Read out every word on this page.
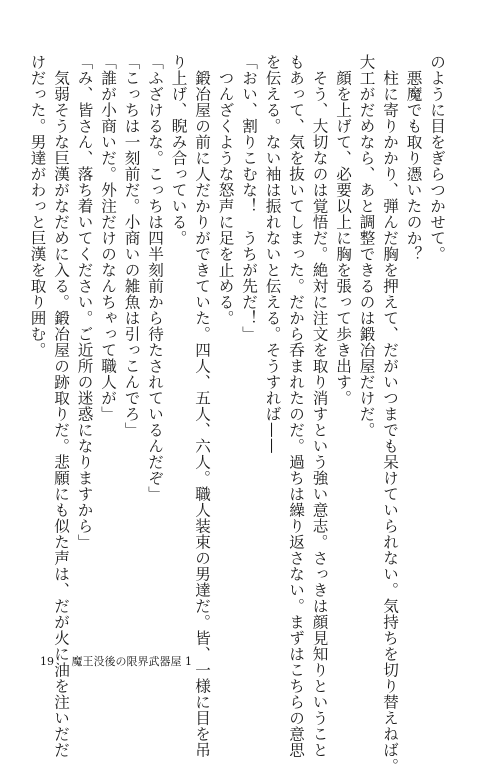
のように目をぎらつかせて。
　悪魔でも取り憑いたのか？
　柱に寄りかかり、弾んだ胸を押えて、だがいつまでも呆けていられない。気持ちを切り替えねば。
大工がだめなら、あと調整できるのは鍛冶屋だけだ。
　顔を上げて、必要以上に胸を張って歩き出す。
　そう、大切なのは覚悟だ。絶対に注文を取り消すという強い意志。さっきは顔見知りということ
もあって、気を抜いてしまった。だから呑まれたのだ。過ちは繰り返さない。まずはこちらの意思
を伝える。ない袖は振れないと伝える。そうすれば——
「おい、割りこむな！　うちが先だ！」
　つんざくような怒声に足を止める。
　鍛冶屋の前に人だかりができていた。四人、五人、六人。職人装束の男達だ。皆、一様に目を吊
り上げ、睨み合っている。
「ふざけるな。こっちは四半刻前から待たされているんだぞ」
「こっちは一刻前だ。小商いの雑魚は引っこんでろ」
「誰が小商いだ。外注だけのなんちゃって職人が」
「み、皆さん、落ち着いてください。ご近所の迷惑になりますから」
　気弱そうな巨漢がなだめに入る。鍛冶屋の跡取りだ。悲願にも似た声は、だが火に油を注いだだ
けだった。男達がわっと巨漢を取り囲む。
19 魔王没後の限界武器屋 1
